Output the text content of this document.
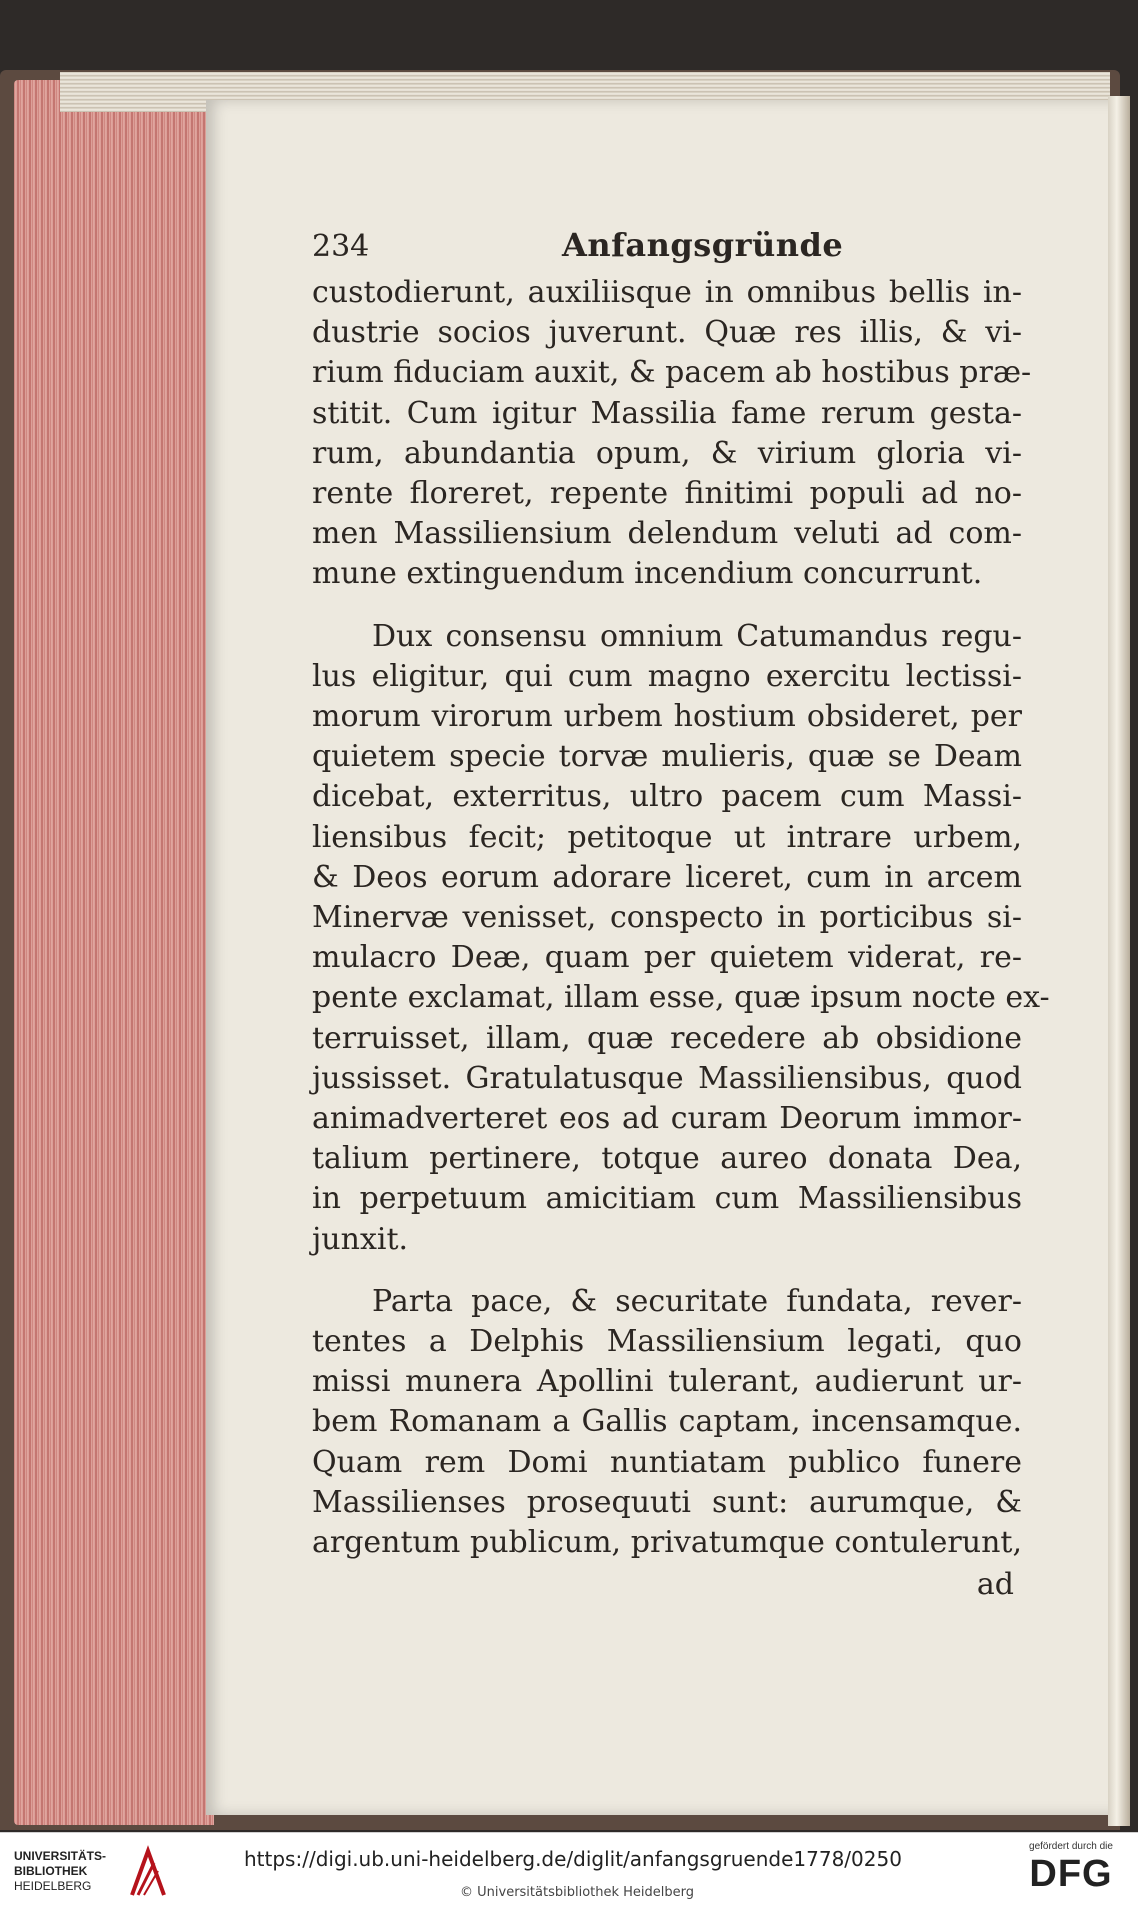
234	Anfangsgründe
custodierunt, auxiliisque in omnibus bellis in-
dustrie socios juverunt. Quæ res illis, & vi-
rium fiduciam auxit, & pacem ab hostibus præ-
stitit. Cum igitur Massilia fame rerum gesta-
rum, abundantia opum, & virium gloria vi-
rente floreret, repente finitimi populi ad no-
men Massiliensium delendum veluti ad com-
mune extinguendum incendium concurrunt.
Dux consensu omnium Catumandus regu-
lus eligitur, qui cum magno exercitu lectissi-
morum virorum urbem hostium obsideret, per
quietem specie torvæ mulieris, quæ se Deam
dicebat, exterritus, ultro pacem cum Massi-
liensibus fecit; petitoque ut intrare urbem,
& Deos eorum adorare liceret, cum in arcem
Minervæ venisset, conspecto in porticibus si-
mulacro Deæ, quam per quietem viderat, re-
pente exclamat, illam esse, quæ ipsum nocte ex-
terruisset, illam, quæ recedere ab obsidione
jussisset. Gratulatusque Massiliensibus, quod
animadverteret eos ad curam Deorum immor-
talium pertinere, totque aureo donata Dea,
in perpetuum amicitiam cum Massiliensibus
junxit.
Parta pace, & securitate fundata, rever-
tentes a Delphis Massiliensium legati, quo
missi munera Apollini tulerant, audierunt ur-
bem Romanam a Gallis captam, incensamque.
Quam rem Domi nuntiatam publico funere
Massilienses prosequuti sunt: aurumque, &
argentum publicum, privatumque contulerunt,
ad
UNIVERSITÄTS-
BIBLIOTHEK
HEIDELBERG
https://digi.ub.uni-heidelberg.de/diglit/anfangsgruende1778/0250
© Universitätsbibliothek Heidelberg
gefördert durch die
DFG
